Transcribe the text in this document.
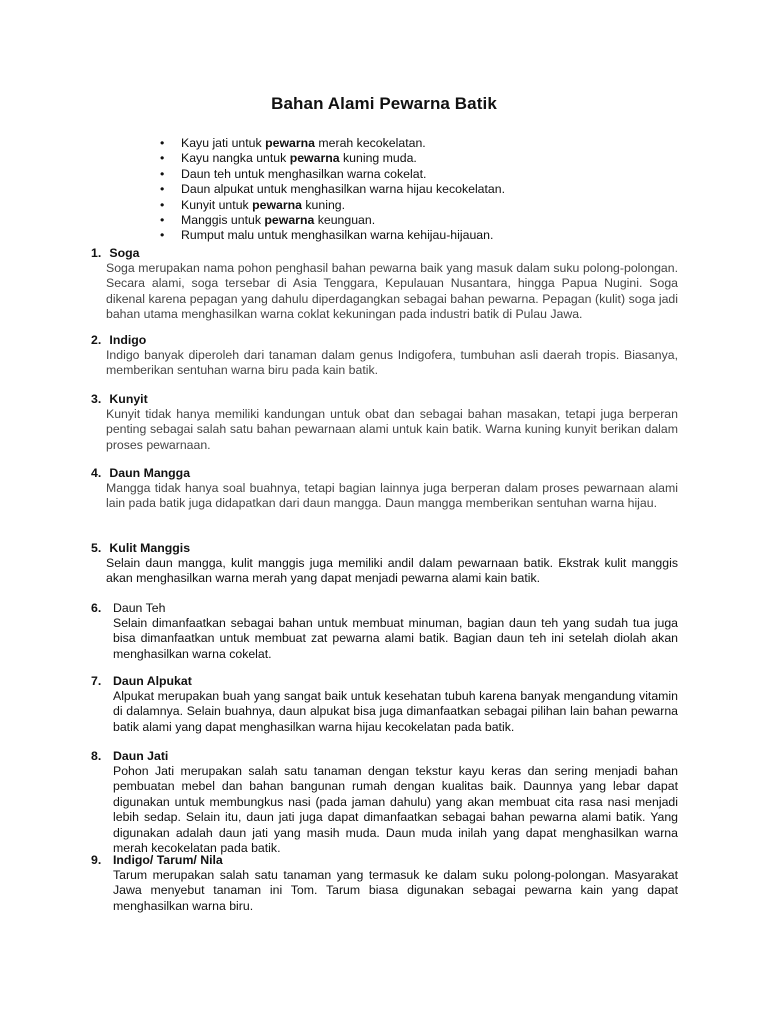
Bahan Alami Pewarna Batik
• Kayu jati untuk pewarna merah kecokelatan.
• Kayu nangka untuk pewarna kuning muda.
• Daun teh untuk menghasilkan warna cokelat.
• Daun alpukat untuk menghasilkan warna hijau kecokelatan.
• Kunyit untuk pewarna kuning.
• Manggis untuk pewarna keunguan.
• Rumput malu untuk menghasilkan warna kehijau-hijauan.
1. Soga
Soga merupakan nama pohon penghasil bahan pewarna baik yang masuk dalam suku polong-polongan. Secara alami, soga tersebar di Asia Tenggara, Kepulauan Nusantara, hingga Papua Nugini. Soga dikenal karena pepagan yang dahulu diperdagangkan sebagai bahan pewarna. Pepagan (kulit) soga jadi bahan utama menghasilkan warna coklat kekuningan pada industri batik di Pulau Jawa.
2. Indigo
Indigo banyak diperoleh dari tanaman dalam genus Indigofera, tumbuhan asli daerah tropis. Biasanya, memberikan sentuhan warna biru pada kain batik.
3. Kunyit
Kunyit tidak hanya memiliki kandungan untuk obat dan sebagai bahan masakan, tetapi juga berperan penting sebagai salah satu bahan pewarnaan alami untuk kain batik. Warna kuning kunyit berikan dalam proses pewarnaan.
4. Daun Mangga
Mangga tidak hanya soal buahnya, tetapi bagian lainnya juga berperan dalam proses pewarnaan alami lain pada batik juga didapatkan dari daun mangga. Daun mangga memberikan sentuhan warna hijau.
5. Kulit Manggis
Selain daun mangga, kulit manggis juga memiliki andil dalam pewarnaan batik. Ekstrak kulit manggis akan menghasilkan warna merah yang dapat menjadi pewarna alami kain batik.
6. Daun Teh
Selain dimanfaatkan sebagai bahan untuk membuat minuman, bagian daun teh yang sudah tua juga bisa dimanfaatkan untuk membuat zat pewarna alami batik. Bagian daun teh ini setelah diolah akan menghasilkan warna cokelat.
7. Daun Alpukat
Alpukat merupakan buah yang sangat baik untuk kesehatan tubuh karena banyak mengandung vitamin di dalamnya. Selain buahnya, daun alpukat bisa juga dimanfaatkan sebagai pilihan lain bahan pewarna batik alami yang dapat menghasilkan warna hijau kecokelatan pada batik.
8. Daun Jati
Pohon Jati merupakan salah satu tanaman dengan tekstur kayu keras dan sering menjadi bahan pembuatan mebel dan bahan bangunan rumah dengan kualitas baik. Daunnya yang lebar dapat digunakan untuk membungkus nasi (pada jaman dahulu) yang akan membuat cita rasa nasi menjadi lebih sedap. Selain itu, daun jati juga dapat dimanfaatkan sebagai bahan pewarna alami batik. Yang digunakan adalah daun jati yang masih muda. Daun muda inilah yang dapat menghasilkan warna merah kecokelatan pada batik.
9. Indigo/ Tarum/ Nila
Tarum merupakan salah satu tanaman yang termasuk ke dalam suku polong-polongan. Masyarakat Jawa menyebut tanaman ini Tom. Tarum biasa digunakan sebagai pewarna kain yang dapat menghasilkan warna biru.
